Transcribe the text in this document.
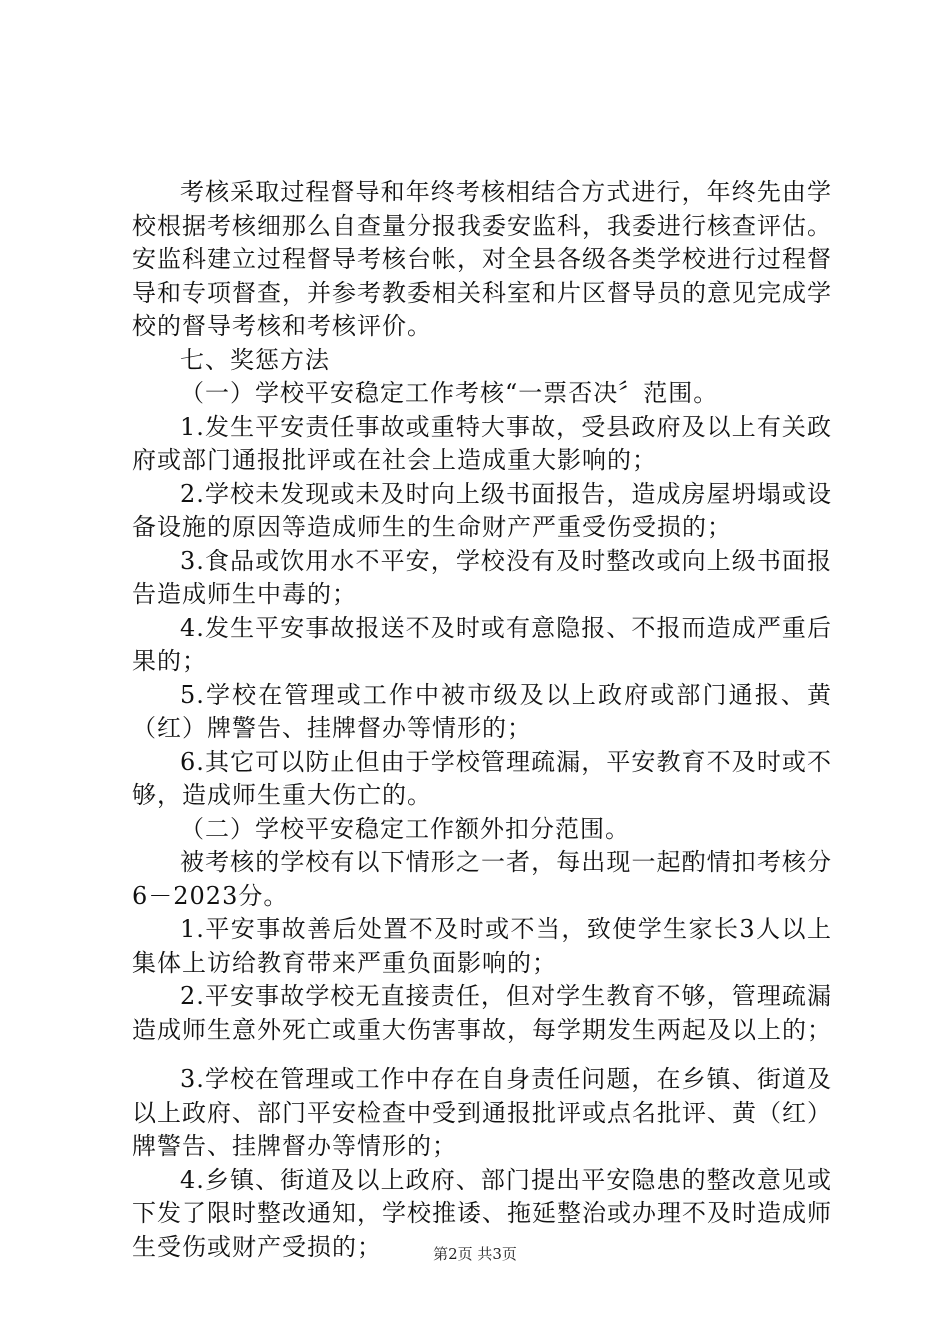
考核采取过程督导和年终考核相结合方式进行，年终先由学校根据考核细那么自查量分报我委安监科，我委进行核查评估。安监科建立过程督导考核台帐，对全县各级各类学校进行过程督导和专项督查，并参考教委相关科室和片区督导员的意见完成学校的督导考核和考核评价。

七、奖惩方法

（一）学校平安稳定工作考核“一票否决〞范围。

1.发生平安责任事故或重特大事故，受县政府及以上有关政府或部门通报批评或在社会上造成重大影响的；

2.学校未发现或未及时向上级书面报告，造成房屋坍塌或设备设施的原因等造成师生的生命财产严重受伤受损的；

3.食品或饮用水不平安，学校没有及时整改或向上级书面报告造成师生中毒的；

4.发生平安事故报送不及时或有意隐报、不报而造成严重后果的；

5.学校在管理或工作中被市级及以上政府或部门通报、黄（红）牌警告、挂牌督办等情形的；

6.其它可以防止但由于学校管理疏漏，平安教育不及时或不够，造成师生重大伤亡的。

（二）学校平安稳定工作额外扣分范围。

被考核的学校有以下情形之一者，每出现一起酌情扣考核分6－2023分。

1.平安事故善后处置不及时或不当，致使学生家长3人以上集体上访给教育带来严重负面影响的；

2.平安事故学校无直接责任，但对学生教育不够，管理疏漏造成师生意外死亡或重大伤害事故，每学期发生两起及以上的；

3.学校在管理或工作中存在自身责任问题，在乡镇、街道及以上政府、部门平安检查中受到通报批评或点名批评、黄（红）牌警告、挂牌督办等情形的；

4.乡镇、街道及以上政府、部门提出平安隐患的整改意见或下发了限时整改通知，学校推诿、拖延整治或办理不及时造成师生受伤或财产受损的；	第2页 共3页
